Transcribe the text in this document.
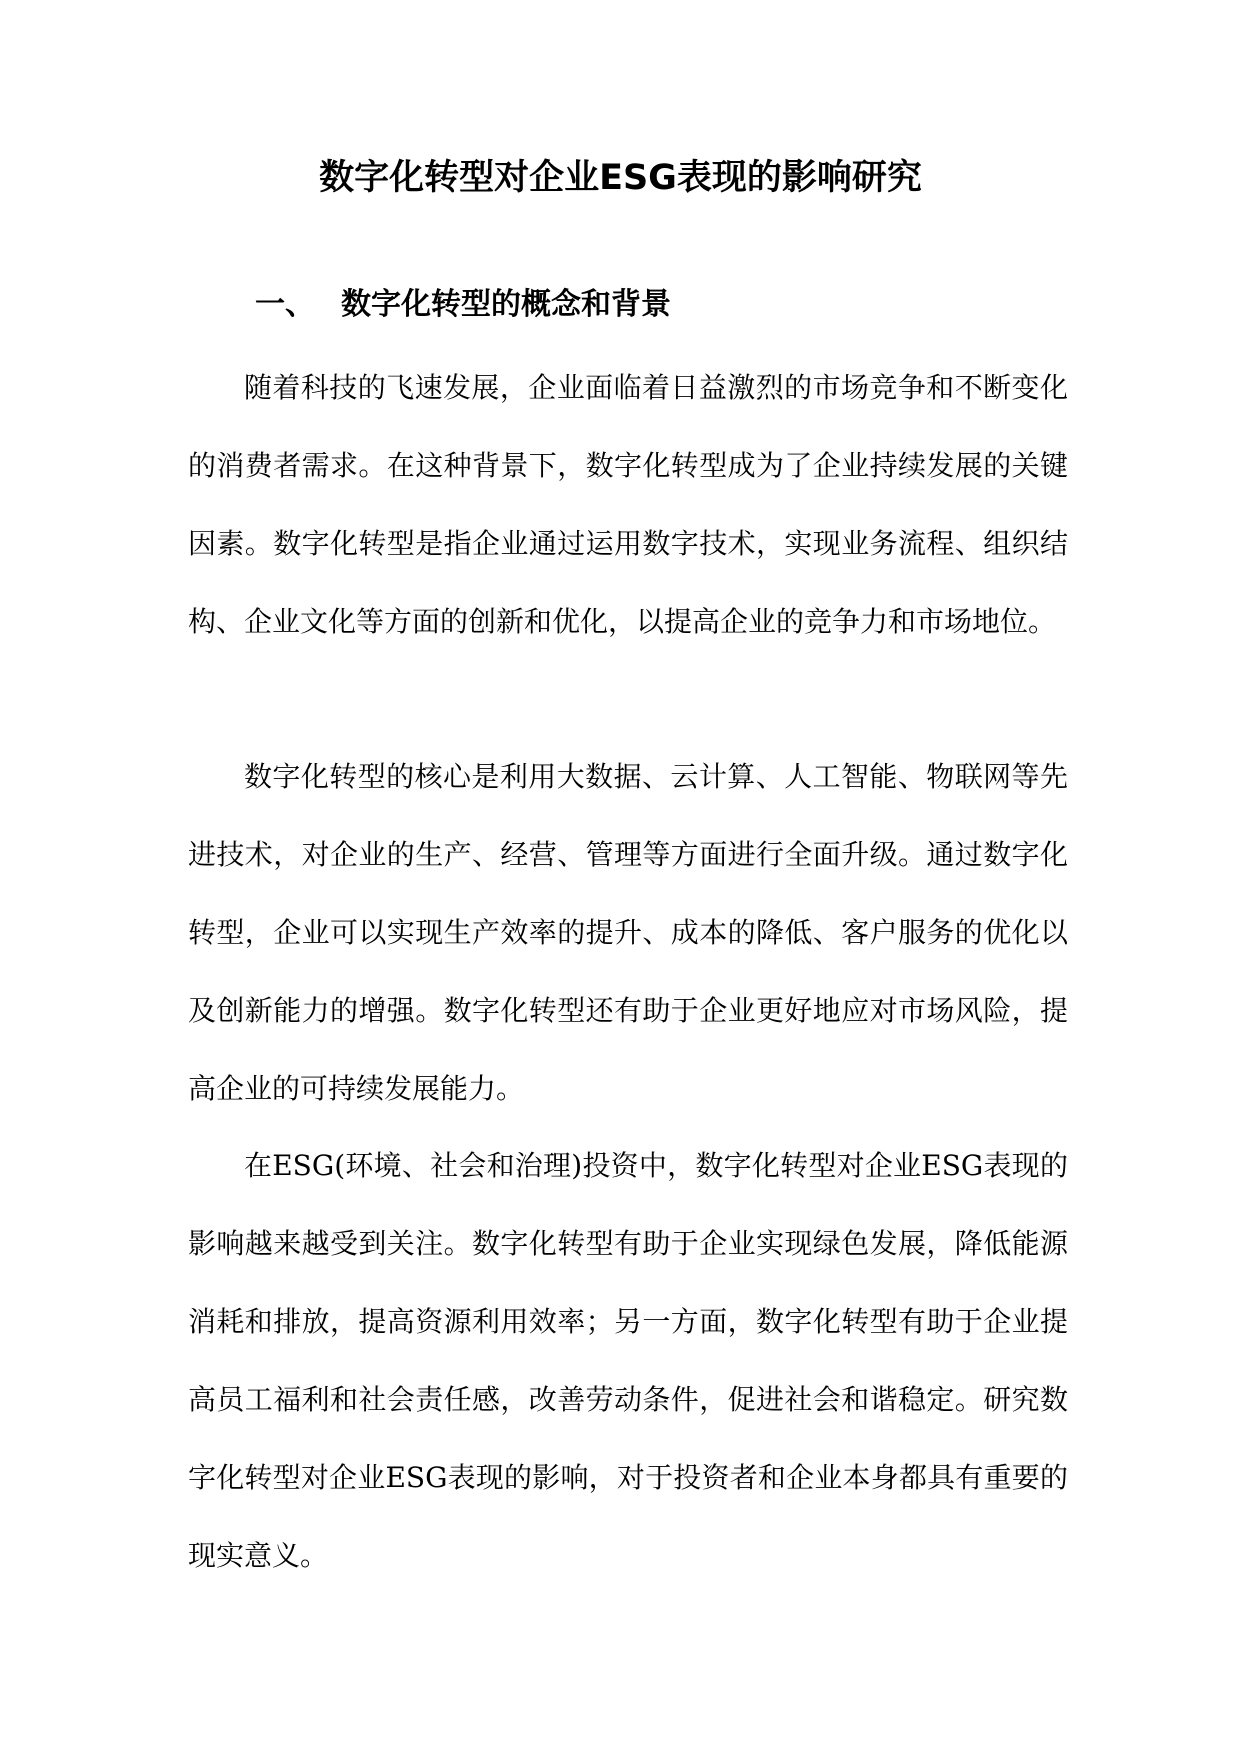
数字化转型对企业ESG表现的影响研究
一、 数字化转型的概念和背景

随着科技的飞速发展，企业面临着日益激烈的市场竞争和不断变化的消费者需求。在这种背景下，数字化转型成为了企业持续发展的关键因素。数字化转型是指企业通过运用数字技术，实现业务流程、组织结构、企业文化等方面的创新和优化，以提高企业的竞争力和市场地位。

数字化转型的核心是利用大数据、云计算、人工智能、物联网等先进技术，对企业的生产、经营、管理等方面进行全面升级。通过数字化转型，企业可以实现生产效率的提升、成本的降低、客户服务的优化以及创新能力的增强。数字化转型还有助于企业更好地应对市场风险，提高企业的可持续发展能力。

在ESG(环境、社会和治理)投资中，数字化转型对企业ESG表现的影响越来越受到关注。数字化转型有助于企业实现绿色发展，降低能源消耗和排放，提高资源利用效率；另一方面，数字化转型有助于企业提高员工福利和社会责任感，改善劳动条件，促进社会和谐稳定。研究数字化转型对企业ESG表现的影响，对于投资者和企业本身都具有重要的现实意义。
